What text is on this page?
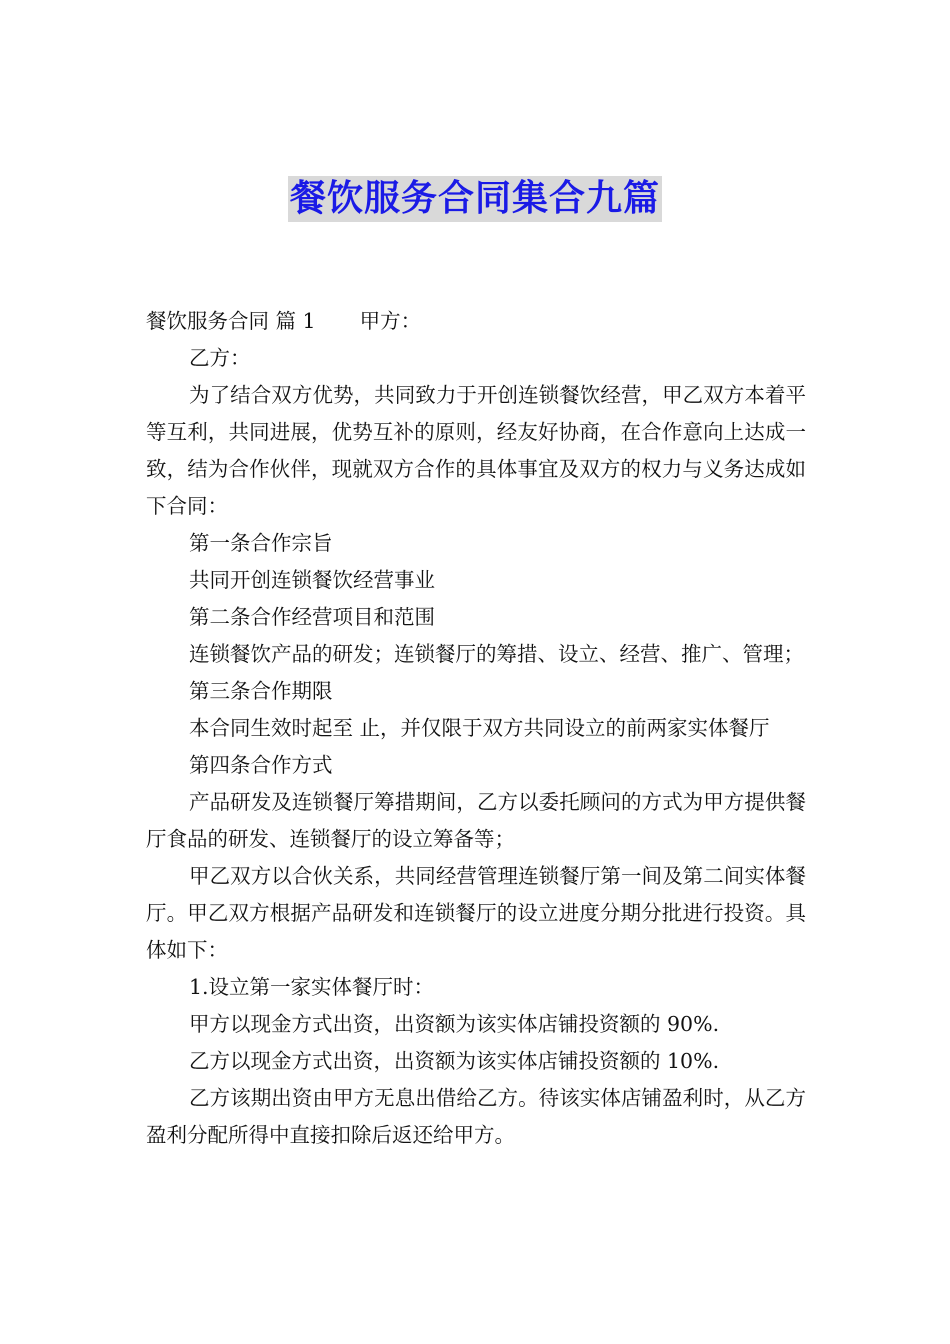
餐饮服务合同集合九篇

餐饮服务合同 篇 1 甲方：

乙方：

为了结合双方优势，共同致力于开创连锁餐饮经营，甲乙双方本着平等互利，共同进展，优势互补的原则，经友好协商，在合作意向上达成一致，结为合作伙伴，现就双方合作的具体事宜及双方的权力与义务达成如下合同：

第一条合作宗旨

共同开创连锁餐饮经营事业

第二条合作经营项目和范围

连锁餐饮产品的研发；连锁餐厅的筹措、设立、经营、推广、管理；

第三条合作期限

本合同生效时起至 止，并仅限于双方共同设立的前两家实体餐厅

第四条合作方式

产品研发及连锁餐厅筹措期间，乙方以委托顾问的方式为甲方提供餐厅食品的研发、连锁餐厅的设立筹备等；

甲乙双方以合伙关系，共同经营管理连锁餐厅第一间及第二间实体餐厅。甲乙双方根据产品研发和连锁餐厅的设立进度分期分批进行投资。具体如下：

1.设立第一家实体餐厅时：

甲方以现金方式出资，出资额为该实体店铺投资额的 90%.

乙方以现金方式出资，出资额为该实体店铺投资额的 10%.

乙方该期出资由甲方无息出借给乙方。待该实体店铺盈利时，从乙方盈利分配所得中直接扣除后返还给甲方。
